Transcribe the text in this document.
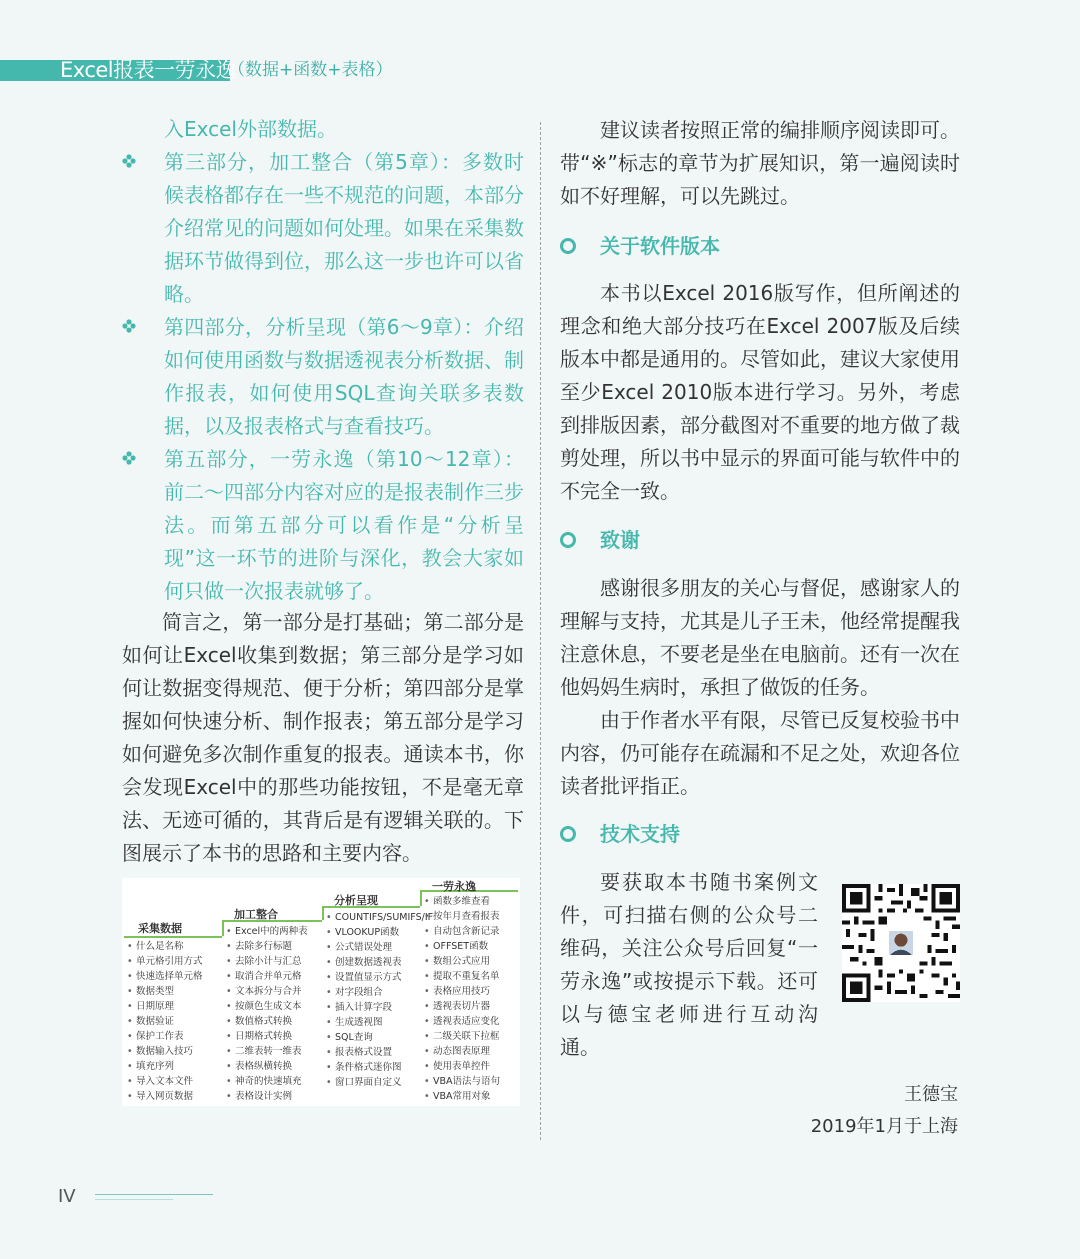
Excel报表一劳永逸
（数据+函数+表格）

入Excel外部数据。

第三部分，加工整合（第5章）：多数时候表格都存在一些不规范的问题，本部分介绍常见的问题如何处理。如果在采集数据环节做得到位，那么这一步也许可以省略。
第四部分，分析呈现（第6～9章）：介绍如何使用函数与数据透视表分析数据、制作报表，如何使用SQL查询关联多表数据，以及报表格式与查看技巧。
第五部分，一劳永逸（第10～12章）：前二～四部分内容对应的是报表制作三步法。而第五部分可以看作是“分析呈现”这一环节的进阶与深化，教会大家如何只做一次报表就够了。

简言之，第一部分是打基础；第二部分是如何让Excel收集到数据；第三部分是学习如何让数据变得规范、便于分析；第四部分是掌握如何快速分析、制作报表；第五部分是学习如何避免多次制作重复的报表。通读本书，你会发现Excel中的那些功能按钮，不是毫无章法、无迹可循的，其背后是有逻辑关联的。下图展示了本书的思路和主要内容。

采集数据
加工整合
分析呈现
一劳永逸
• 什么是名称
• 单元格引用方式
• 快速选择单元格
• 数据类型
• 日期原理
• 数据验证
• 保护工作表
• 数据输入技巧
• 填充序列
• 导入文本文件
• 导入网页数据
• Excel中的两种表
• 去除多行标题
• 去除小计与汇总
• 取消合并单元格
• 文本拆分与合并
• 按颜色生成文本
• 数值格式转换
• 日期格式转换
• 二维表转一维表
• 表格纵横转换
• 神奇的快速填充
• 表格设计实例
• COUNTIFS/SUMIFS/IF
• VLOOKUP函数
• 公式错误处理
• 创建数据透视表
• 设置值显示方式
• 对字段组合
• 插入计算字段
• 生成透视图
• SQL查询
• 报表格式设置
• 条件格式迷你图
• 窗口界面自定义
• 函数多维查看
• 按年月查看报表
• 自动包含新记录
• OFFSET函数
• 数组公式应用
• 提取不重复名单
• 表格应用技巧
• 透视表切片器
• 透视表适应变化
• 二级关联下拉框
• 动态图表原理
• 使用表单控件
• VBA语法与语句
• VBA常用对象

建议读者按照正常的编排顺序阅读即可。带“※”标志的章节为扩展知识，第一遍阅读时如不好理解，可以先跳过。

关于软件版本

本书以Excel 2016版写作，但所阐述的理念和绝大部分技巧在Excel 2007版及后续版本中都是通用的。尽管如此，建议大家使用至少Excel 2010版本进行学习。另外，考虑到排版因素，部分截图对不重要的地方做了裁剪处理，所以书中显示的界面可能与软件中的不完全一致。

致谢

感谢很多朋友的关心与督促，感谢家人的理解与支持，尤其是儿子王未，他经常提醒我注意休息，不要老是坐在电脑前。还有一次在他妈妈生病时，承担了做饭的任务。

由于作者水平有限，尽管已反复校验书中内容，仍可能存在疏漏和不足之处，欢迎各位读者批评指正。

技术支持

要获取本书随书案例文件，可扫描右侧的公众号二维码，关注公众号后回复“一劳永逸”或按提示下载。还可以与德宝老师进行互动沟通。

王德宝
2019年1月于上海
IV
